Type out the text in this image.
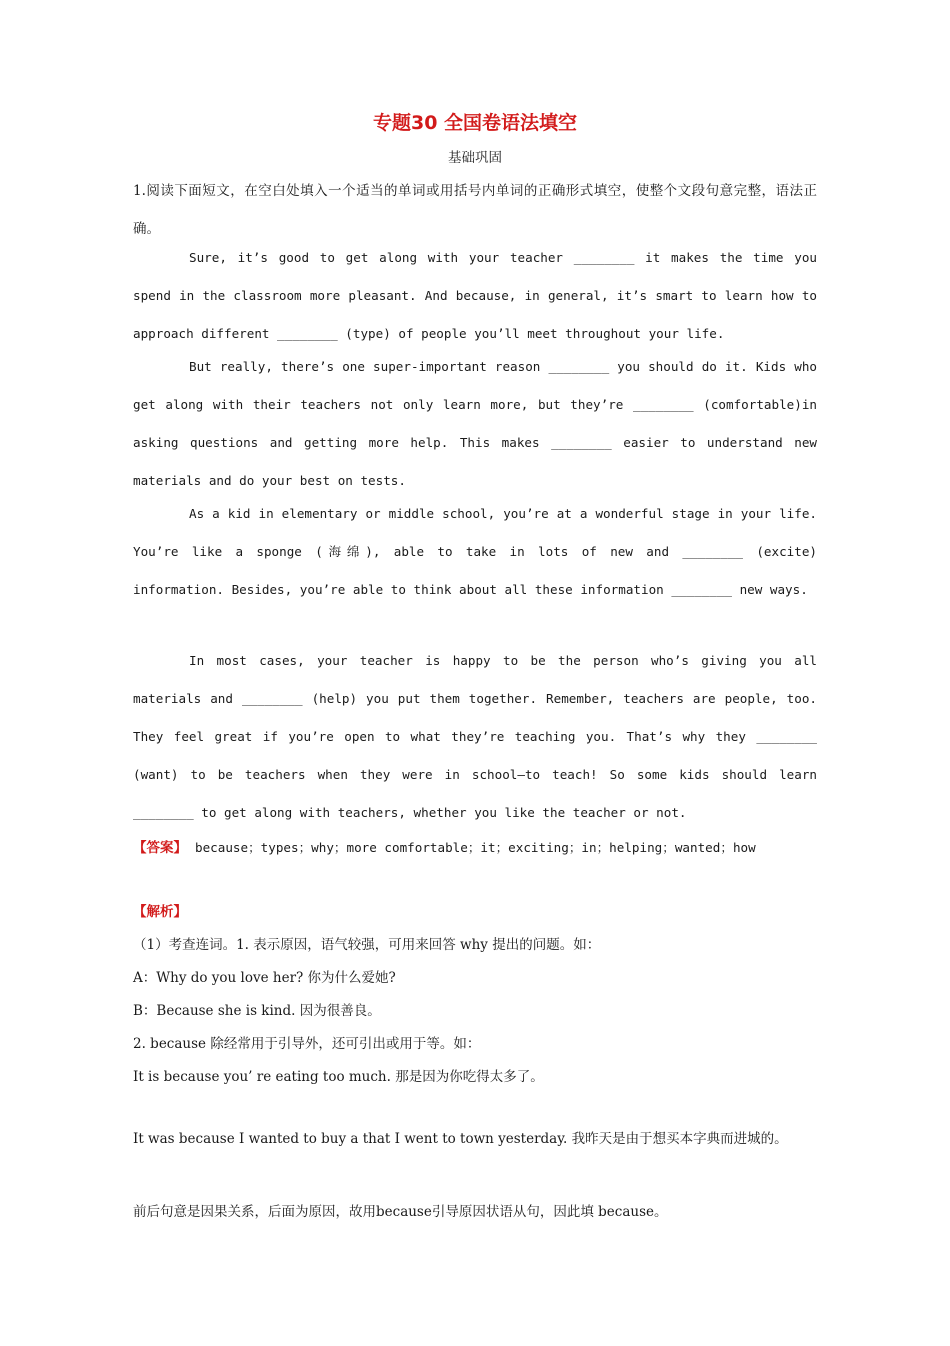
专题30 全国卷语法填空
基础巩固
1.阅读下面短文，在空白处填入一个适当的单词或用括号内单词的正确形式填空，使整个文段句意完整，语法正确。
Sure, it’s good to get along with your teacher ________ it makes the time you spend in the classroom more pleasant. And because, in general, it’s smart to learn how to approach different ________ (type) of people you’ll meet throughout your life.
But really, there’s one super-important reason ________ you should do it. Kids who get along with their teachers not only learn more, but they’re ________ (comfortable)in asking questions and getting more help. This makes ________ easier to understand new materials and do your best on tests.
As a kid in elementary or middle school, you’re at a wonderful stage in your life. You’re like a sponge (海绵), able to take in lots of new and ________ (excite) information. Besides, you’re able to think about all these information ________ new ways.
In most cases, your teacher is happy to be the person who’s giving you all materials and ________ (help) you put them together. Remember, teachers are people, too. They feel great if you’re open to what they’re teaching you. That’s why they ________ (want) to be teachers when they were in school—to teach! So some kids should learn ________ to get along with teachers, whether you like the teacher or not.
【答案】 because；types；why；more comfortable；it；exciting；in；helping；wanted；how
【解析】
（1）考查连词。1. 表示原因，语气较强，可用来回答 why 提出的问题。如：
A：Why do you love her? 你为什么爱她?
B：Because she is kind. 因为很善良。
2. because 除经常用于引导外，还可引出或用于等。如：
It is because you’ re eating too much. 那是因为你吃得太多了。
It was because I wanted to buy a that I went to town yesterday. 我昨天是由于想买本字典而进城的。
前后句意是因果关系，后面为原因，故用because引导原因状语从句，因此填 because。
